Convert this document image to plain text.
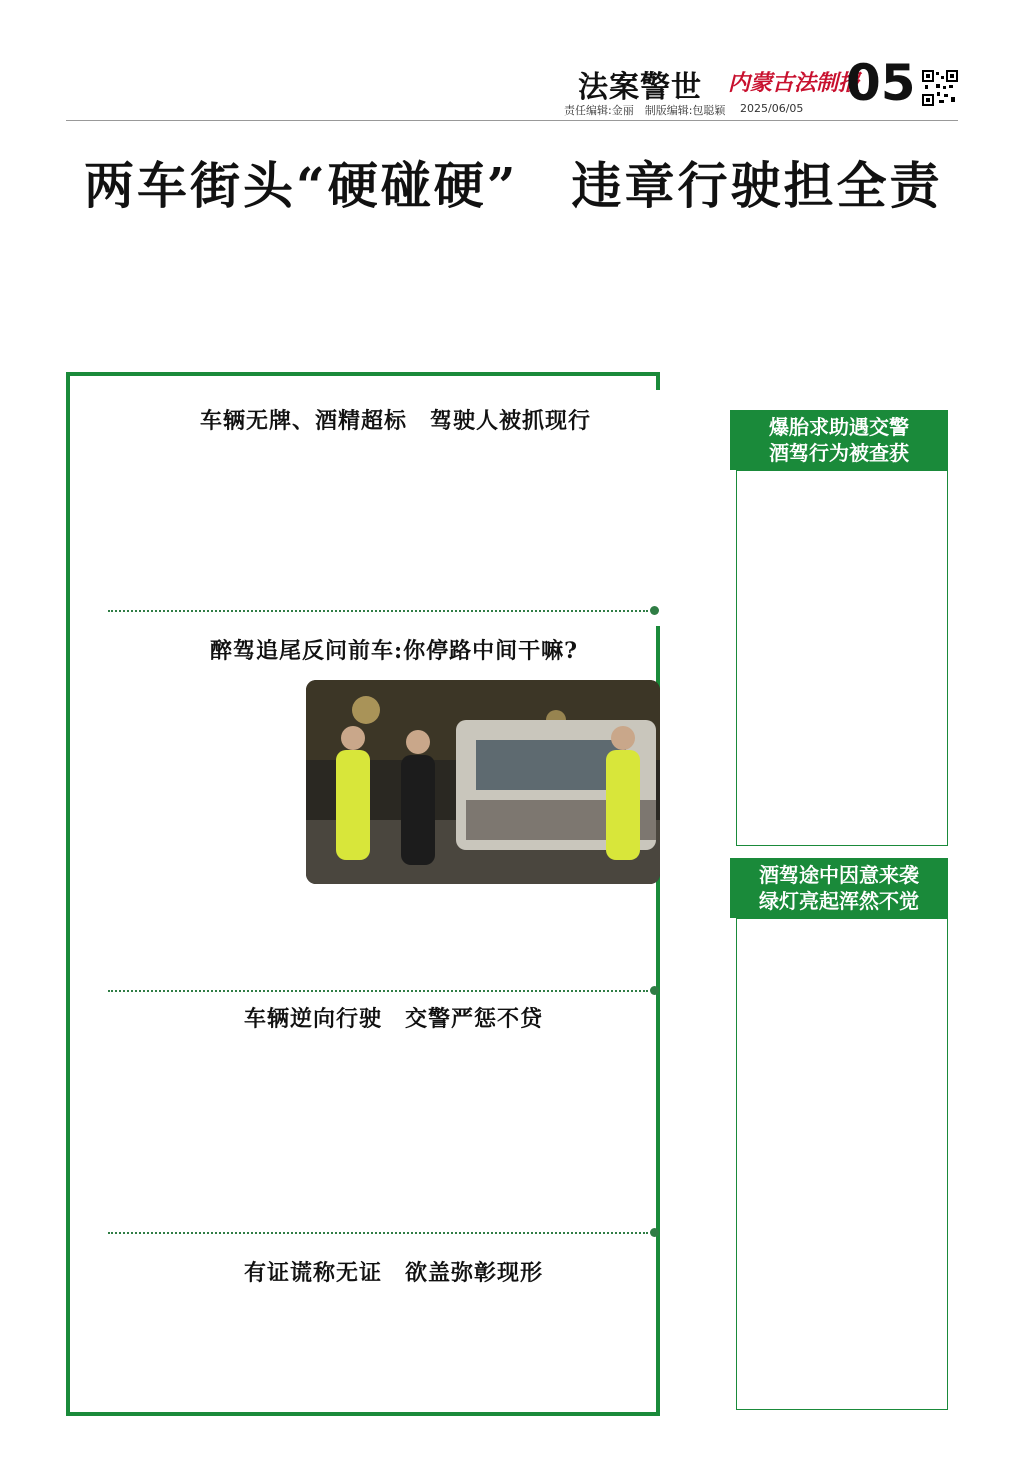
法案警世 内蒙古法制报
05
责任编辑:金丽　制版编辑:包聪颖 2025/06/05
两车街头“硬碰硬”　违章行驶担全责
车辆无牌、酒精超标　驾驶人被抓现行
醉驾追尾反问前车:你停路中间干嘛?
车辆逆向行驶　交警严惩不贷
有证谎称无证　欲盖弥彰现形
爆胎求助遇交警
酒驾行为被查获
酒驾途中因意来袭
绿灯亮起浑然不觉
